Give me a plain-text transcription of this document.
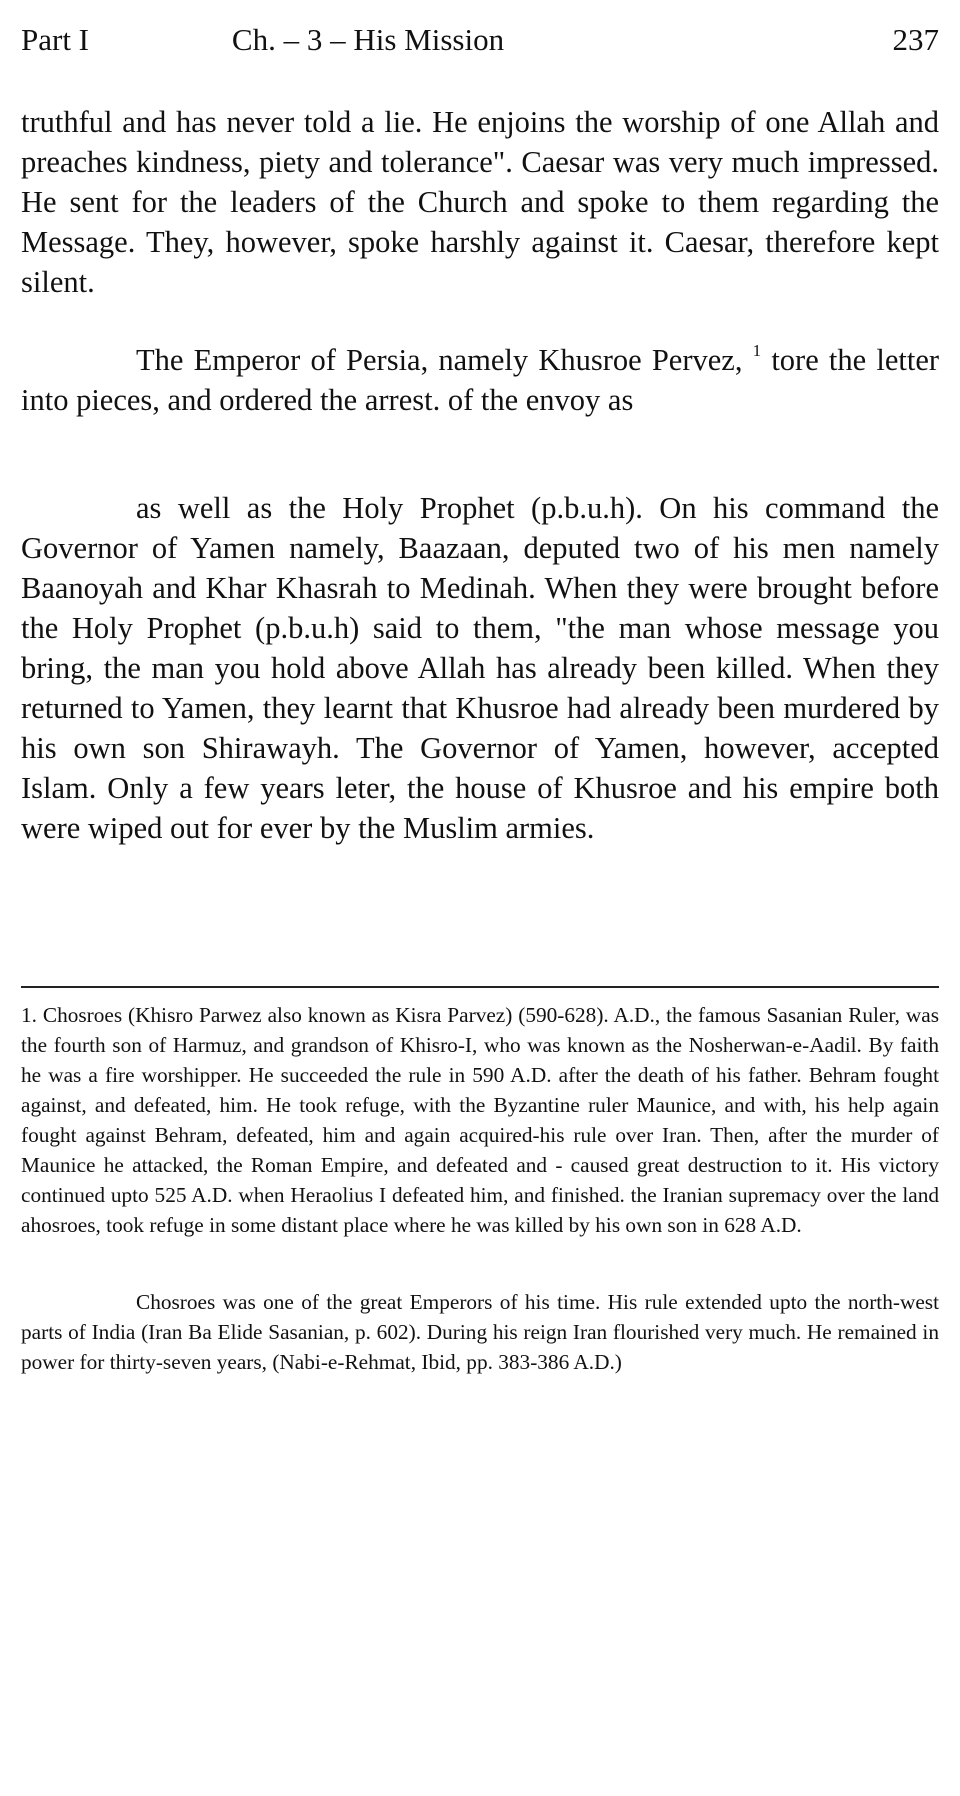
Part I	Ch. – 3 – His Mission	237

truthful and has never told a lie. He enjoins the worship of one Allah and preaches kindness, piety and tolerance". Caesar was very much impressed. He sent for the leaders of the Church and spoke to them regarding the Message. They, however, spoke harshly against it. Caesar, therefore kept silent.

The Emperor of Persia, namely Khusroe Pervez, $^1$ tore the letter into pieces, and ordered the arrest. of the envoy as

as well as the Holy Prophet (p.b.u.h). On his command the Governor of Yamen namely, Baazaan, deputed two of his men namely Baanoyah and Khar Khasrah to Medinah. When they were brought before the Holy Prophet (p.b.u.h) said to them, "the man whose message you bring, the man you hold above Allah has already been killed. When they returned to Yamen, they learnt that Khusroe had already been murdered by his own son Shirawayh. The Governor of Yamen, however, accepted Islam. Only a few years leter, the house of Khusroe and his empire both were wiped out for ever by the Muslim armies.

1. Chosroes (Khisro Parwez also known as Kisra Parvez) (590-628). A.D., the famous Sasanian Ruler, was the fourth son of Harmuz, and grandson of Khisro-I, who was known as the Nosherwan-e-Aadil. By faith he was a fire worshipper. He succeeded the rule in 590 A.D. after the death of his father. Behram fought against, and defeated, him. He took refuge, with the Byzantine ruler Maunice, and with, his help again fought against Behram, defeated, him and again acquired-his rule over Iran. Then, after the murder of Maunice he attacked, the Roman Empire, and defeated and - caused great destruction to it. His victory continued upto 525 A.D. when Heraolius I defeated him, and finished. the Iranian supremacy over the land ahosroes, took refuge in some distant place where he was killed by his own son in 628 A.D.

Chosroes was one of the great Emperors of his time. His rule extended upto the north-west parts of India (Iran Ba Elide Sasanian, p. 602). During his reign Iran flourished very much. He remained in power for thirty-seven years, (Nabi-e-Rehmat, Ibid, pp. 383-386 A.D.)
